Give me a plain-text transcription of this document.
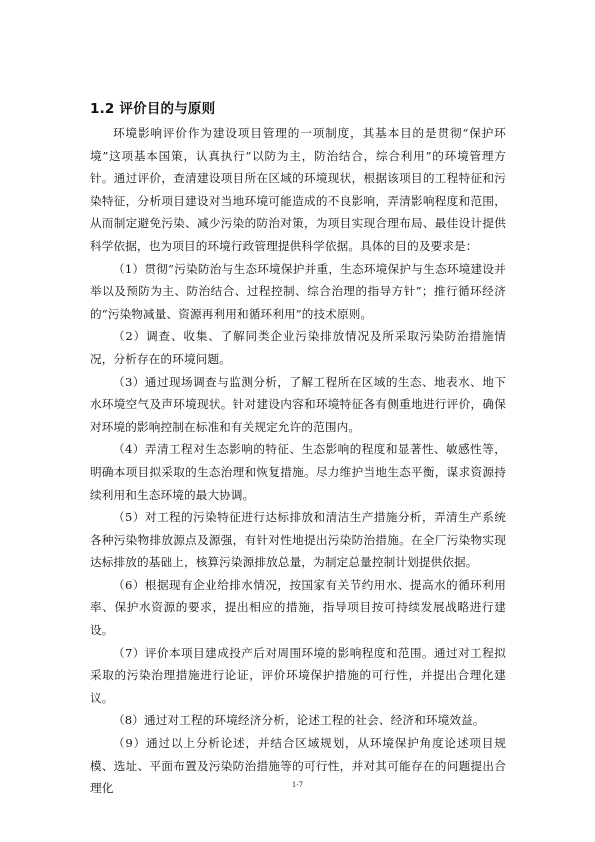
1.2 评价目的与原则

环境影响评价作为建设项目管理的一项制度，其基本目的是贯彻“保护环境”这项基本国策，认真执行“以防为主，防治结合，综合利用”的环境管理方针。通过评价，查清建设项目所在区域的环境现状，根据该项目的工程特征和污染特征，分析项目建设对当地环境可能造成的不良影响，弄清影响程度和范围，从而制定避免污染、减少污染的防治对策，为项目实现合理布局、最佳设计提供科学依据，也为项目的环境行政管理提供科学依据。具体的目的及要求是：

（1）贯彻“污染防治与生态环境保护并重，生态环境保护与生态环境建设并举以及预防为主、防治结合、过程控制、综合治理的指导方针”；推行循环经济的“污染物减量、资源再利用和循环利用”的技术原则。

（2）调查、收集、了解同类企业污染排放情况及所采取污染防治措施情况，分析存在的环境问题。

（3）通过现场调查与监测分析，了解工程所在区域的生态、地表水、地下水环境空气及声环境现状。针对建设内容和环境特征各有侧重地进行评价，确保对环境的影响控制在标准和有关规定允许的范围内。

（4）弄清工程对生态影响的特征、生态影响的程度和显著性、敏感性等，明确本项目拟采取的生态治理和恢复措施。尽力维护当地生态平衡，谋求资源持续利用和生态环境的最大协调。

（5）对工程的污染特征进行达标排放和清洁生产措施分析，弄清生产系统各种污染物排放源点及源强，有针对性地提出污染防治措施。在全厂污染物实现达标排放的基础上，核算污染源排放总量，为制定总量控制计划提供依据。

（6）根据现有企业给排水情况，按国家有关节约用水、提高水的循环利用率、保护水资源的要求，提出相应的措施，指导项目按可持续发展战略进行建设。

（7）评价本项目建成投产后对周围环境的影响程度和范围。通过对工程拟采取的污染治理措施进行论证，评价环境保护措施的可行性，并提出合理化建议。

（8）通过对工程的环境经济分析，论述工程的社会、经济和环境效益。

（9）通过以上分析论述，并结合区域规划，从环境保护角度论述项目规模、选址、平面布置及污染防治措施等的可行性，并对其可能存在的问题提出合理化	1-7
